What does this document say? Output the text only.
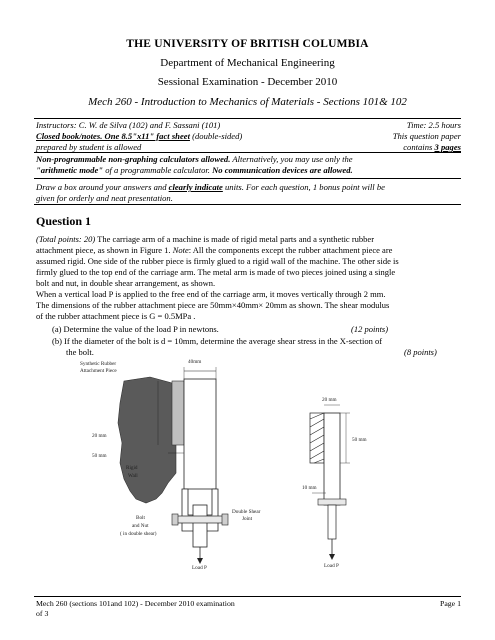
THE UNIVERSITY OF BRITISH COLUMBIA
Department of Mechanical Engineering
Sessional Examination - December 2010
Mech 260 - Introduction to Mechanics of Materials - Sections 101& 102
Instructors: C. W. de Silva (102) and F. Sassani (101)	Time: 2.5 hours
Closed book/notes. One 8.5"x11" fact sheet (double-sided)	This question paper
prepared by student is allowed	contains 3 pages
Non-programmable non-graphing calculators allowed. Alternatively, you may use only the
"arithmetic mode" of a programmable calculator. No communication devices are allowed.
Draw a box around your answers and clearly indicate units. For each question, 1 bonus point will be
given for orderly and neat presentation.
Question 1
(Total points: 20) The carriage arm of a machine is made of rigid metal parts and a synthetic rubber
attachment piece, as shown in Figure 1. Note: All the components except the rubber attachment piece are
assumed rigid. One side of the rubber piece is firmly glued to a rigid wall of the machine. The other side is
firmly glued to the top end of the carriage arm. The metal arm is made of two pieces joined using a single
bolt and nut, in double shear arrangement, as shown.
When a vertical load P is applied to the free end of the carriage arm, it moves vertically through 2 mm.
The dimensions of the rubber attachment piece are 50mm×40mm× 20mm as shown. The shear modulus
of the rubber attachment piece is G = 0.5MPa .
(a) Determine the value of the load P in newtons.	(12 points)
(b) If the diameter of the bolt is d = 10mm, determine the average shear stress in the X-section of
the bolt.	(8 points)
Synthetic Rubber
Attachment Piece
40mm
20 mm
50 mm
Rigid
Wall
Bolt
and Nut
( in double shear)
Double Shear
Joint
Load P
20 mm
50 mm
10 mm
Load P
Mech 260 (sections 101and 102) - December 2010 examination
of 3
Page 1
